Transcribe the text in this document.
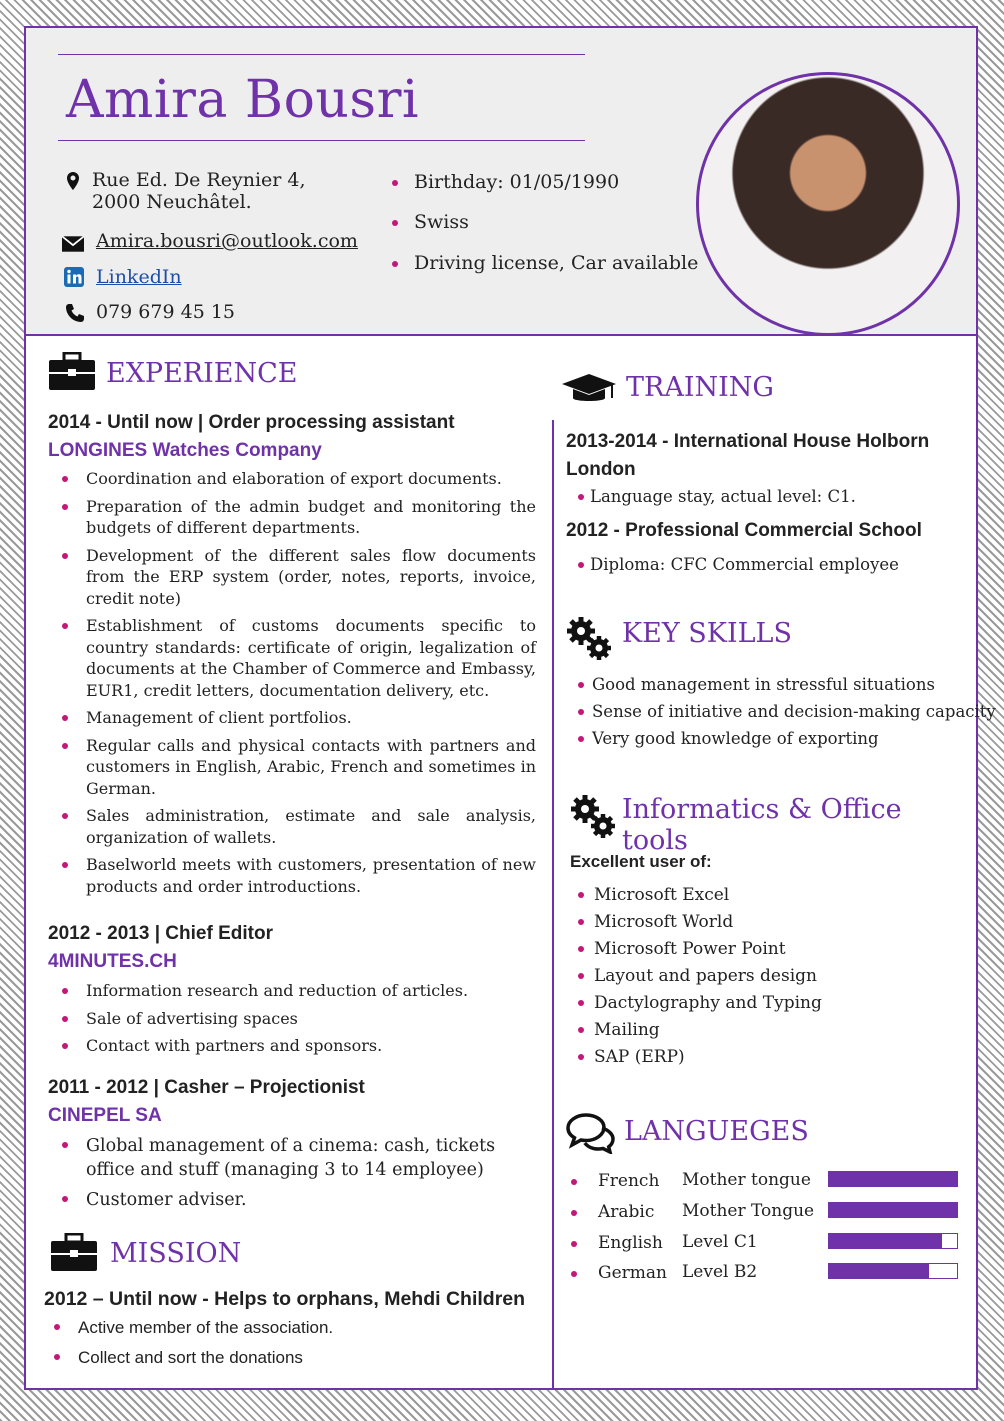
Amira Bousri
Rue Ed. De Reynier 4,
2000 Neuchâtel.
Amira.bousri@outlook.com
LinkedIn
079 679 45 15
Birthday: 01/05/1990
Swiss
Driving license, Car available
EXPERIENCE
2014 - Until now | Order processing assistant
LONGINES Watches Company
Coordination and elaboration of export documents.
Preparation of the admin budget and monitoring the budgets of different departments.
Development of the different sales flow documents from the ERP system (order, notes, reports, invoice, credit note)
Establishment of customs documents specific to country standards: certificate of origin, legalization of documents at the Chamber of Commerce and Embassy, EUR1, credit letters, documentation delivery, etc.
Management of client portfolios.
Regular calls and physical contacts with partners and customers in English, Arabic, French and sometimes in German.
Sales administration, estimate and sale analysis, organization of wallets.
Baselworld meets with customers, presentation of new products and order introductions.
2012 - 2013 | Chief Editor
4MINUTES.CH
Information research and reduction of articles.
Sale of advertising spaces
Contact with partners and sponsors.
2011 - 2012 | Casher – Projectionist
CINEPEL SA
Global management of a cinema: cash, tickets office and stuff (managing 3 to 14 employee)
Customer adviser.
MISSION
2012 – Until now - Helps to orphans, Mehdi Children
Active member of the association.
Collect and sort the donations
TRAINING
2013-2014 - International House Holborn London
Language stay, actual level: C1.
2012 - Professional Commercial School
Diploma: CFC Commercial employee
KEY SKILLS
Good management in stressful situations
Sense of initiative and decision-making capacity
Very good knowledge of exporting
Informatics & Office tools
Excellent user of:
Microsoft Excel
Microsoft World
Microsoft Power Point
Layout and papers design
Dactylography and Typing
Mailing
SAP (ERP)
LANGUEGES
French Mother tongue
Arabic Mother Tongue
English Level C1
German Level B2
